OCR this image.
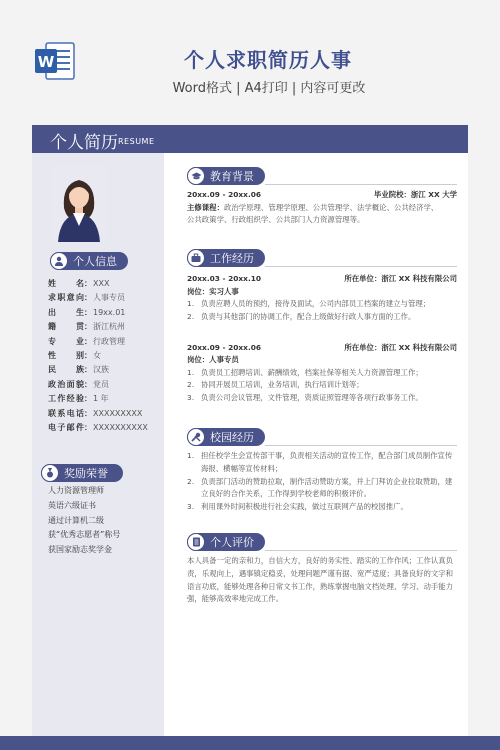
W	个人求职简历人事
Word格式 | A4打印 | 内容可更改
个人简历 RESUME
个人信息
姓名：XXX
求职意向：人事专员
出生：19xx.01
籍贯：浙江杭州
专业：行政管理
性别：女
民族：汉族
政治面貌：党员
工作经验：1 年
联系电话：XXXXXXXXX
电子邮件：XXXXXXXXXX
奖励荣誉
人力资源管理师
英语六级证书
通过计算机二级
获“优秀志愿者”称号
获国家励志奖学金
教育背景
20xx.09 - 20xx.06	毕业院校：浙江 XX 大学
主修课程：政治学原理、管理学原理、公共管理学、法学概论、公共经济学、
公共政策学、行政组织学、公共部门人力资源管理等。
工作经历
20xx.03 - 20xx.10	所在单位：浙江 XX 科技有限公司
岗位：实习人事
1. 负责应聘人员的预约，接待及面试，公司内部员工档案的建立与管理；
2. 负责与其他部门的协调工作，配合上级做好行政人事方面的工作。
20xx.09 - 20xx.06	所在单位：浙江 XX 科技有限公司
岗位：人事专员
1. 负责员工招聘培训、薪酬绩效，档案社保等相关人力资源管理工作；
2. 协同开展员工培训，业务培训，执行培训计划等；
3. 负责公司会议管理，文件管理，资质证照管理等各项行政事务工作。
校园经历
1. 担任校学生会宣传部干事，负责相关活动的宣传工作，配合部门成员制作宣传海报、横幅等宣传材料；
2. 负责部门活动的赞助拉取，制作活动赞助方案，并上门拜访企业拉取赞助，建立良好的合作关系，工作得到学校老师的积极评价。
3. 利用课外时间积极进行社会实践，做过互联网产品的校园推广。
个人评价
本人具备一定的亲和力，自信大方，良好的务实性、踏实的工作作风；工作认真负责，乐观向上，遇事镇定稳妥，处理问题严谨有据、宽严适度；具备良好的文字和语言功底，能够处理各种日常文书工作，熟练掌握电脑文档处理、学习、动手能力强，能够高效率地完成工作。
